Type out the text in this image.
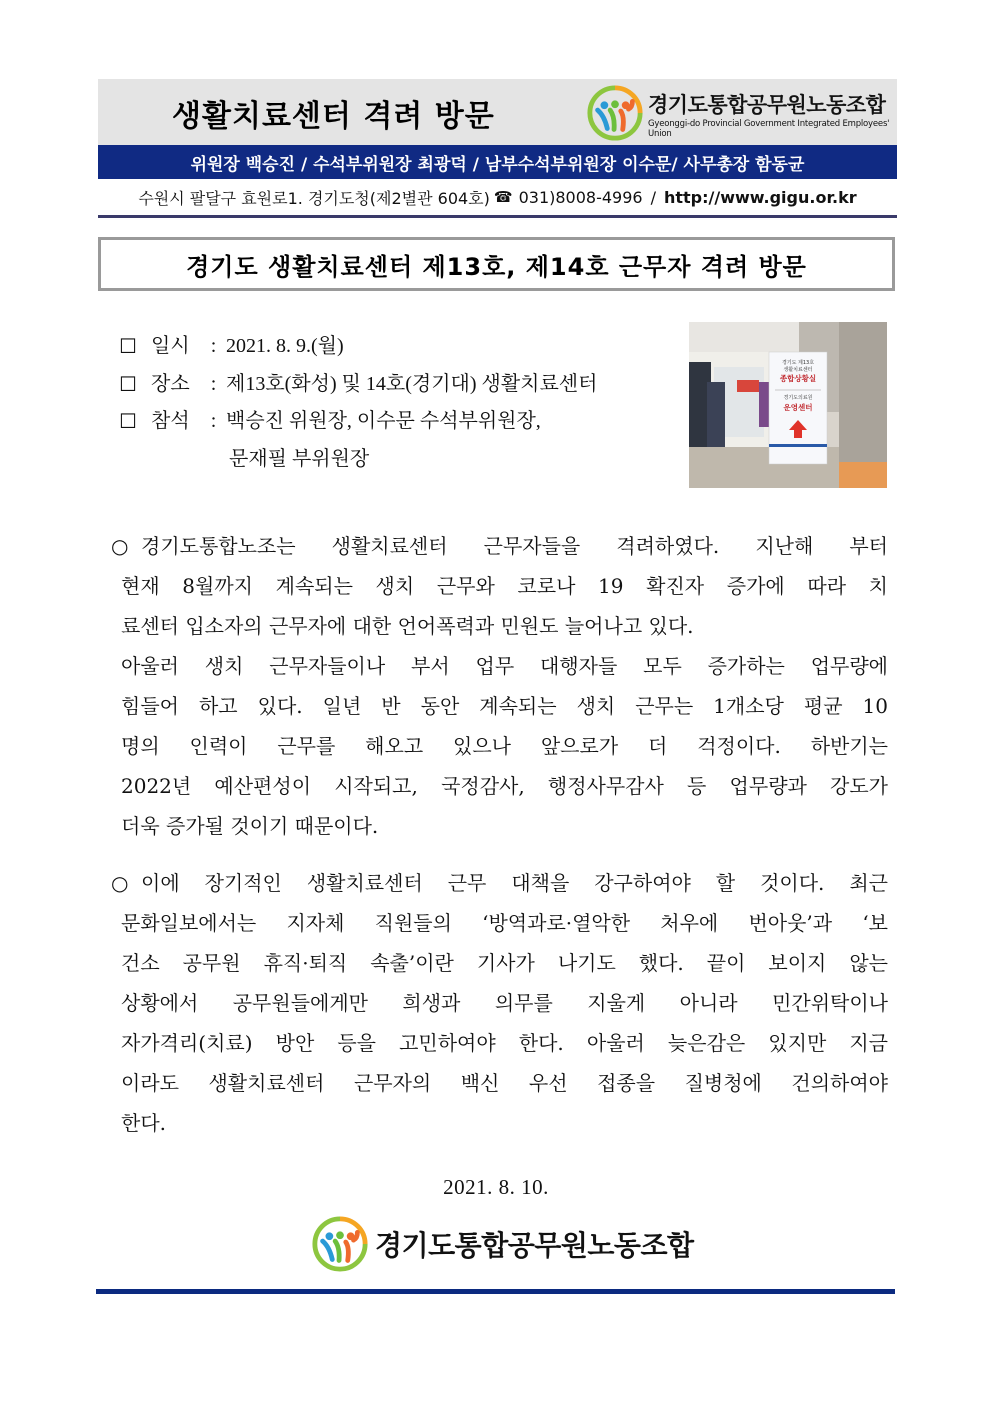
생활치료센터 격려 방문	경기도통합공무원노동조합
Gyeonggi-do Provincial Government Integrated Employees' Union
위원장 백승진 / 수석부위원장 최광덕 / 남부수석부위원장 이수문/ 사무총장 함동균
수원시 팔달구 효원로1. 경기도청(제2별관 604호) ☎ 031)8008-4996 / http://www.gigu.or.kr
경기도 생활치료센터 제13호, 제14호 근무자 격려 방문
☐ 일시	: 2021. 8. 9.(월)
☐ 장소	: 제13호(화성) 및 14호(경기대) 생활치료센터
☐ 참석	: 백승진 위원장, 이수문 수석부위원장,
문재필 부위원장
경기도 제13호
생활치료센터
종합상황실
경기도의료원
운영센터
○ 경기도통합노조는 생활치료센터 근무자들을 격려하였다. 지난해 부터
현재 8월까지 계속되는 생치 근무와 코로나 19 확진자 증가에 따라 치
료센터 입소자의 근무자에 대한 언어폭력과 민원도 늘어나고 있다.
아울러 생치 근무자들이나 부서 업무 대행자들 모두 증가하는 업무량에
힘들어 하고 있다. 일년 반 동안 계속되는 생치 근무는 1개소당 평균 10
명의 인력이 근무를 해오고 있으나 앞으로가 더 걱정이다. 하반기는
2022년 예산편성이 시작되고, 국정감사, 행정사무감사 등 업무량과 강도가
더욱 증가될 것이기 때문이다.
○ 이에 장기적인 생활치료센터 근무 대책을 강구하여야 할 것이다. 최근
문화일보에서는 지자체 직원들의 ‘방역과로·열악한 처우에 번아웃’과 ‘보
건소 공무원 휴직·퇴직 속출’이란 기사가 나기도 했다. 끝이 보이지 않는
상황에서 공무원들에게만 희생과 의무를 지울게 아니라 민간위탁이나
자가격리(치료) 방안 등을 고민하여야 한다. 아울러 늦은감은 있지만 지금
이라도 생활치료센터 근무자의 백신 우선 접종을 질병청에 건의하여야
한다.
2021. 8. 10.
경기도통합공무원노동조합
